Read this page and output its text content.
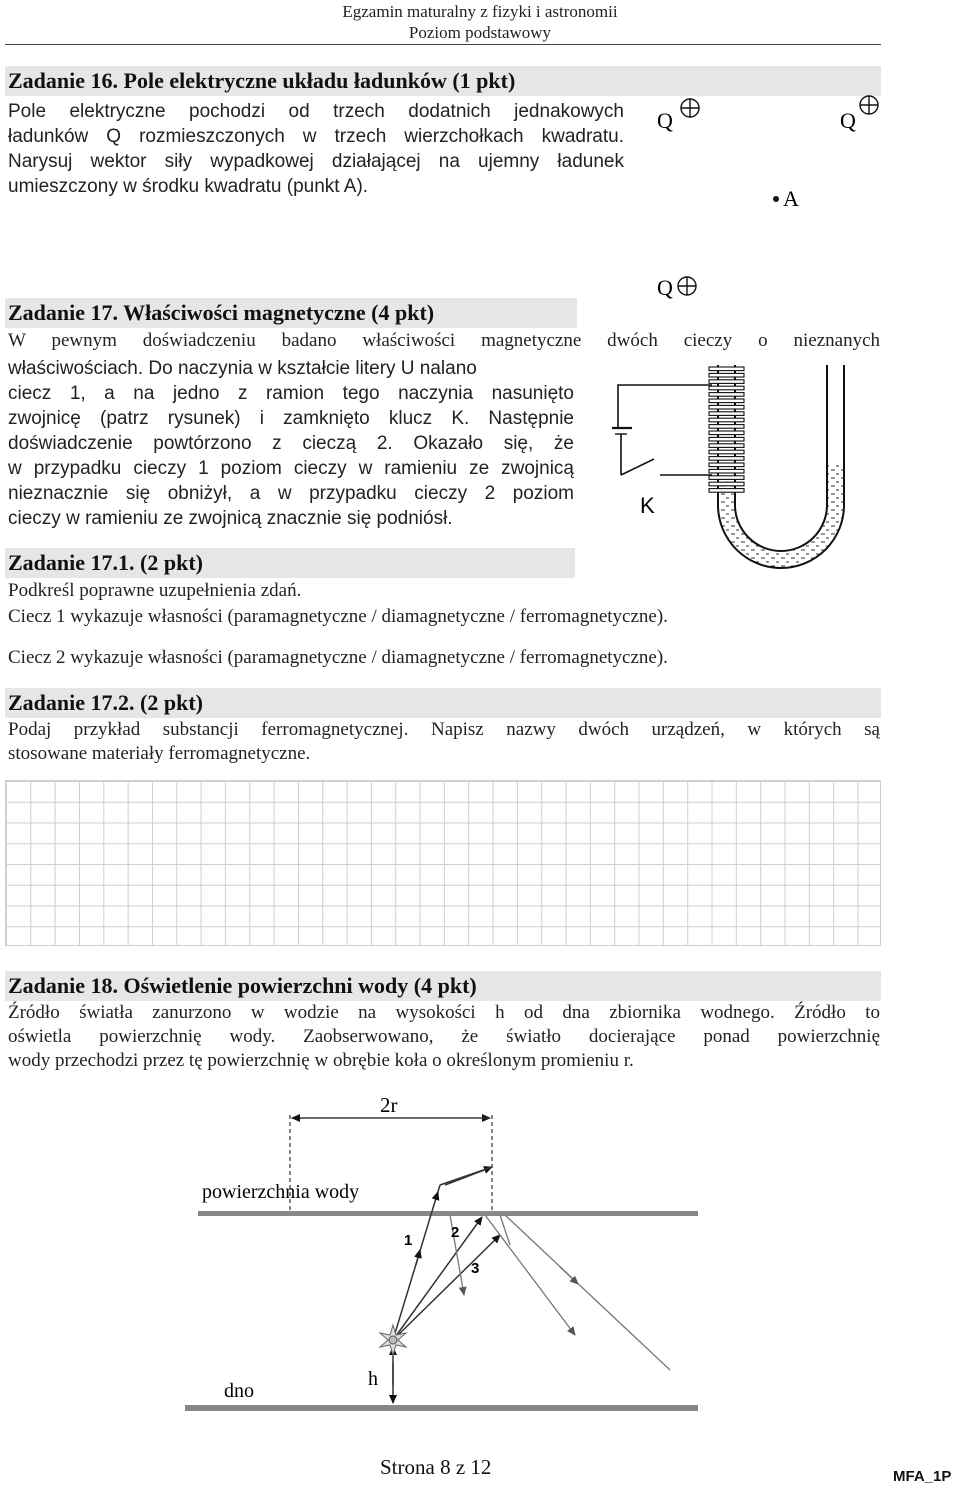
Egzamin maturalny z fizyki i astronomii
Poziom podstawowy
Zadanie 16. Pole elektryczne układu ładunków (1 pkt)
Pole elektryczne pochodzi od trzech dodatnich jednakowych
ładunków Q rozmieszczonych w trzech wierzchołkach kwadratu.
Narysuj wektor siły wypadkowej działającej na ujemny ładunek
umieszczony w środku kwadratu (punkt A).
Q	Q
A
Q
Zadanie 17. Właściwości magnetyczne (4 pkt)
W pewnym doświadczeniu badano właściwości magnetyczne dwóch cieczy o nieznanych
właściwościach. Do naczynia w kształcie litery U nalano
ciecz 1, a na jedno z ramion tego naczynia nasunięto
zwojnicę (patrz rysunek) i zamknięto klucz K. Następnie
doświadczenie powtórzono z cieczą 2. Okazało się, że
w przypadku cieczy 1 poziom cieczy w ramieniu ze zwojnicą
nieznacznie się obniżył, a w przypadku cieczy 2 poziom
cieczy w ramieniu ze zwojnicą znacznie się podniósł.
K
Zadanie 17.1. (2 pkt)
Podkreśl poprawne uzupełnienia zdań.
Ciecz 1 wykazuje własności (paramagnetyczne / diamagnetyczne / ferromagnetyczne).
Ciecz 2 wykazuje własności (paramagnetyczne / diamagnetyczne / ferromagnetyczne).
Zadanie 17.2. (2 pkt)
Podaj przykład substancji ferromagnetycznej. Napisz nazwy dwóch urządzeń, w których są
stosowane materiały ferromagnetyczne.
Zadanie 18. Oświetlenie powierzchni wody (4 pkt)
Źródło światła zanurzono w wodzie na wysokości h od dna zbiornika wodnego. Źródło to
oświetla powierzchnię wody. Zaobserwowano, że światło docierające ponad powierzchnię
wody przechodzi przez tę powierzchnię w obrębie koła o określonym promieniu r.
2r
powierzchnia wody
dno
h
1	2
3
Strona 8 z 12	MFA_1P
